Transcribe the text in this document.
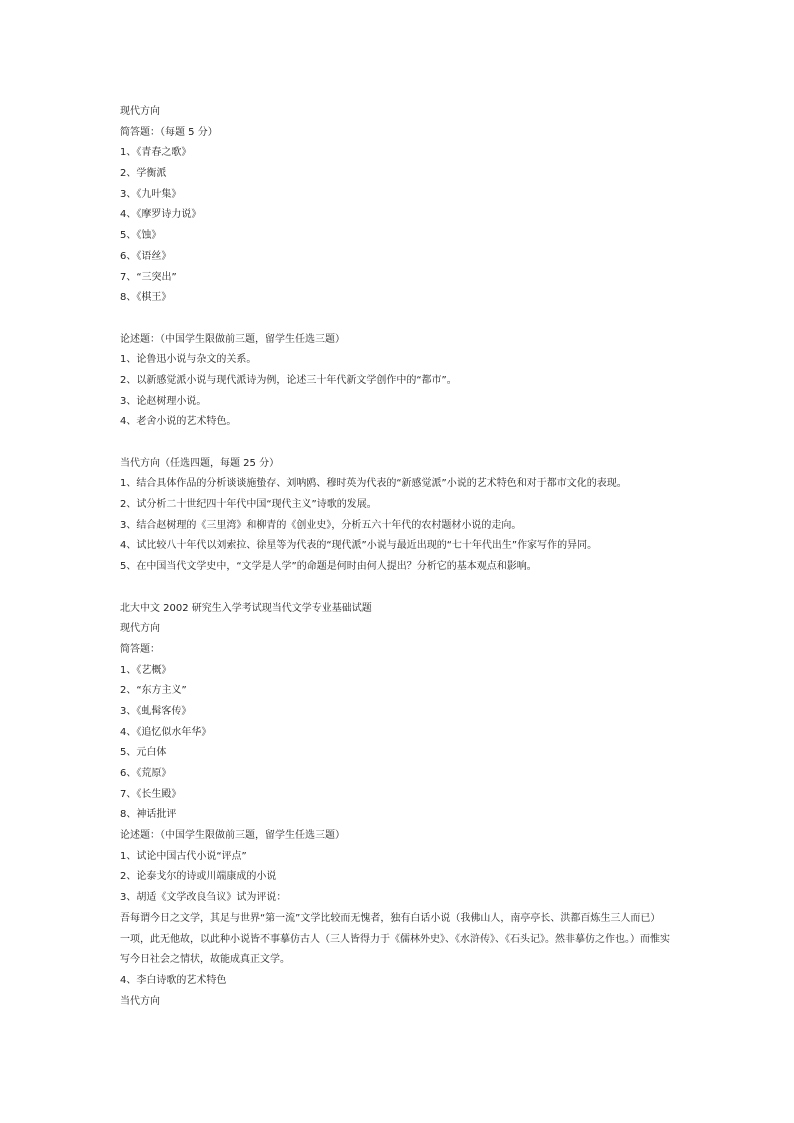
现代方向
简答题：（每题 5 分）
1、《青春之歌》
2、学衡派
3、《九叶集》
4、《摩罗诗力说》
5、《蚀》
6、《语丝》
7、“三突出”
8、《棋王》
论述题：（中国学生限做前三题，留学生任选三题）
1、论鲁迅小说与杂文的关系。
2、以新感觉派小说与现代派诗为例，论述三十年代新文学创作中的“都市”。
3、论赵树理小说。
4、老舍小说的艺术特色。
当代方向（任选四题，每题 25 分）
1、结合具体作品的分析谈谈施蛰存、刘呐鸥、穆时英为代表的“新感觉派”小说的艺术特色和对于都市文化的表现。
2、试分析二十世纪四十年代中国“现代主义”诗歌的发展。
3、结合赵树理的《三里湾》和柳青的《创业史》，分析五六十年代的农村题材小说的走向。
4、试比较八十年代以刘索拉、徐星等为代表的“现代派”小说与最近出现的“七十年代出生”作家写作的异同。
5、在中国当代文学史中，“文学是人学”的命题是何时由何人提出？分析它的基本观点和影响。
北大中文 2002 研究生入学考试现当代文学专业基础试题
现代方向
简答题：
1、《艺概》
2、“东方主义”
3、《虬髯客传》
4、《追忆似水年华》
5、元白体
6、《荒原》
7、《长生殿》
8、神话批评
论述题：（中国学生限做前三题，留学生任选三题）
1、试论中国古代小说“评点”
2、论泰戈尔的诗或川端康成的小说
3、胡适《文学改良刍议》试为评说：
吾每谓今日之文学，其足与世界“第一流”文学比较而无愧者，独有白话小说（我佛山人，南亭亭长、洪都百炼生三人而已）
一项，此无他故，以此种小说皆不事摹仿古人（三人皆得力于《儒林外史》、《水浒传》、《石头记》。然非摹仿之作也。）而惟实
写今日社会之情状，故能成真正文学。
4、李白诗歌的艺术特色
当代方向
